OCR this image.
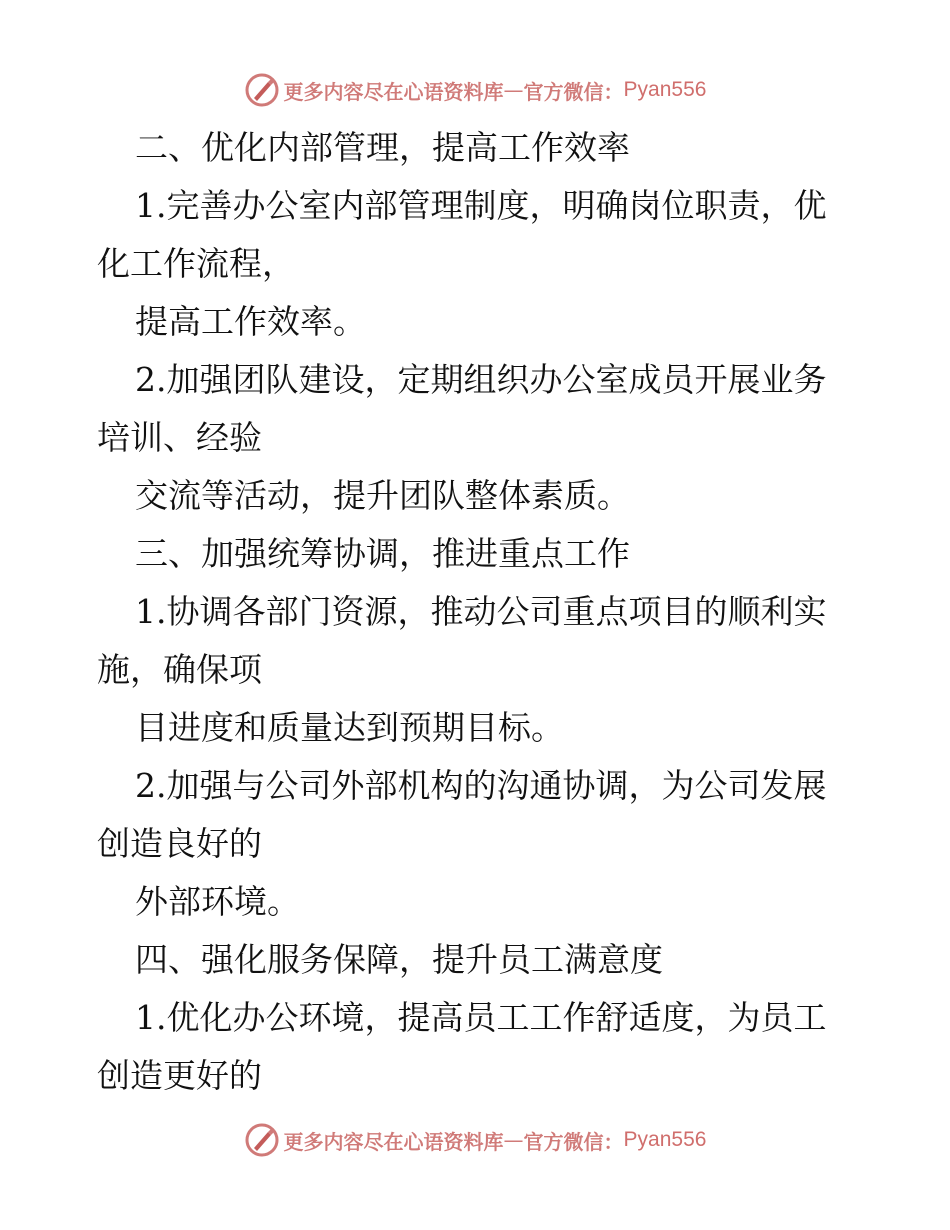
更多内容尽在心语资料库 — 官方微信： Pyan556
二、优化内部管理，提高工作效率
1.完善办公室内部管理制度，明确岗位职责，优
化工作流程，
提高工作效率。
2.加强团队建设，定期组织办公室成员开展业务
培训、经验
交流等活动，提升团队整体素质。
三、加强统筹协调，推进重点工作
1.协调各部门资源，推动公司重点项目的顺利实
施，确保项
目进度和质量达到预期目标。
2.加强与公司外部机构的沟通协调，为公司发展
创造良好的
外部环境。
四、强化服务保障，提升员工满意度
1.优化办公环境，提高员工工作舒适度，为员工
创造更好的
更多内容尽在心语资料库 — 官方微信： Pyan556
